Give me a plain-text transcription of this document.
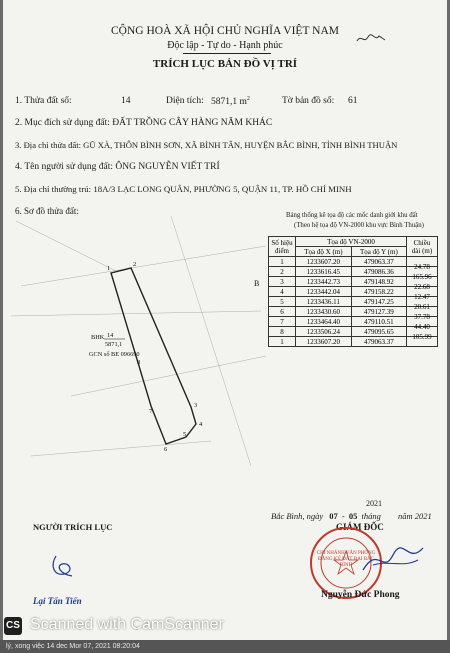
CỘNG HOÀ XÃ HỘI CHỦ NGHĨA VIỆT NAM
Độc lập - Tự do - Hạnh phúc
TRÍCH LỤC BẢN ĐỒ VỊ TRÍ
1. Thửa đất số:	14	Diện tích: 5871,1 $m^2$	Tờ bản đồ số: 61
2. Mục đích sử dụng đất: ĐẤT TRỒNG CÂY HÀNG NĂM KHÁC
3. Địa chỉ thửa đất: GŨ XÀ, THÔN BÌNH SƠN, XÃ BÌNH TÂN, HUYỆN BẮC BÌNH, TỈNH BÌNH THUẬN
4. Tên người sử dụng đất: ÔNG NGUYỄN VIẾT TRÍ
5. Địa chỉ thường trú: 18A/3 LẠC LONG QUÂN, PHƯỜNG 5, QUẬN 11, TP. HỒ CHÍ MINH
6. Sơ đồ thửa đất:
1
2
3
4
5
6
7
8
BHK 14
5871,1
GCN số BE 096690
B
Bảng thống kê tọa độ các mốc danh giới khu đất
(Theo hệ tọa độ VN-2000 khu vực Bình Thuận)
Số hiệu điểm	Tọa độ VN-2000		Chiều dài (m)
	Tọa độ X (m)	Tọa độ Y (m)	
1	1233607.20	479063.37	24.78
2	1233616.45	479086.36	165.96
3	1233442.73	479148.92	22.68
4	1233442.04	479158.22	12.47
5	1233436.11	479147.25	20.61
6	1233430.60	479127.39	37.78
7	1233464.40	479110.51	44.40
8	1233506.24	479095.65	105.99
1	1233607.20	479063.37	
Bắc Bình, ngày 07 - 05 tháng năm 2021
2021
GIÁM ĐỐC
CHI NHÁNH VĂN PHÒNG ĐĂNG KÝ ĐẤT ĐAI BẮC BÌNH
Nguyễn Đức Phong
NGƯỜI TRÍCH LỤC
Lại Tấn Tiến
CS Scanned with CamScanner
lý, xong việc 14 dec Mor 07, 2021 08:20:04
